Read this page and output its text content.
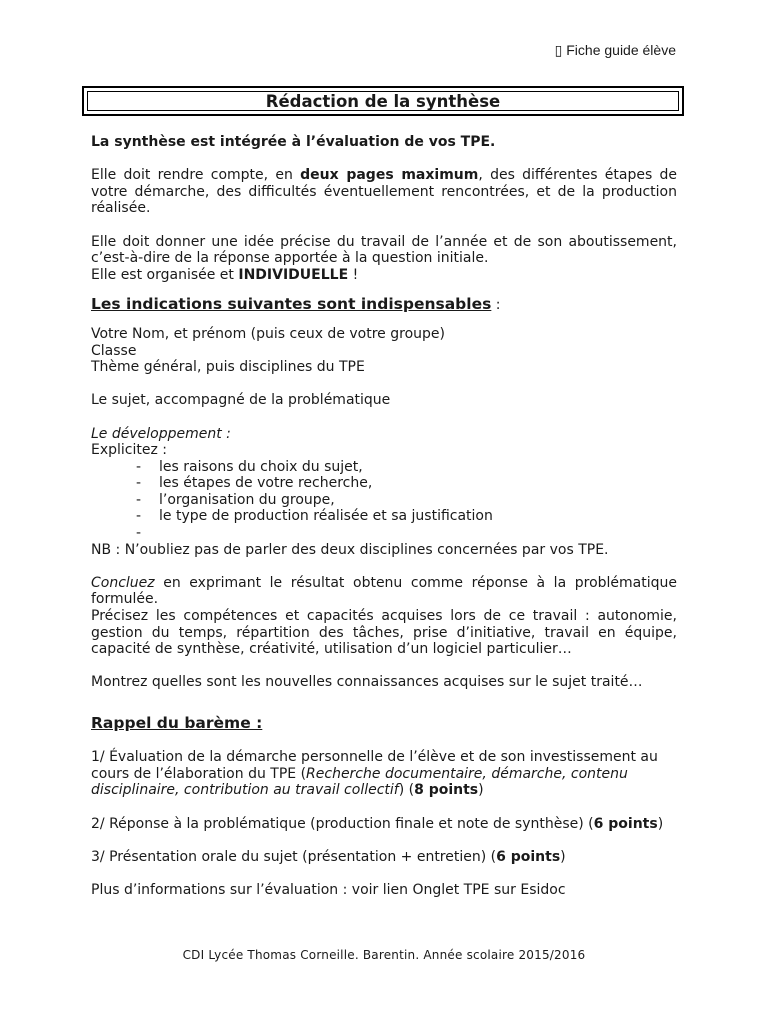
▯ Fiche guide élève
Rédaction de la synthèse

La synthèse est intégrée à l’évaluation de vos TPE.

Elle doit rendre compte, en deux pages maximum, des différentes étapes de votre démarche, des difficultés éventuellement rencontrées, et de la production réalisée.

Elle doit donner une idée précise du travail de l’année et de son aboutissement, c’est-à-dire de la réponse apportée à la question initiale.

Elle est organisée et INDIVIDUELLE !

Les indications suivantes sont indispensables :

Votre Nom, et prénom (puis ceux de votre groupe)

Classe

Thème général, puis disciplines du TPE

Le sujet, accompagné de la problématique

Le développement :

Explicitez :

- les raisons du choix du sujet,
- les étapes de votre recherche,
- l’organisation du groupe,
- le type de production réalisée et sa justification
-

NB : N’oubliez pas de parler des deux disciplines concernées par vos TPE.

Concluez en exprimant le résultat obtenu comme réponse à la problématique formulée.

Précisez les compétences et capacités acquises lors de ce travail : autonomie, gestion du temps, répartition des tâches, prise d’initiative, travail en équipe, capacité de synthèse, créativité, utilisation d’un logiciel particulier…

Montrez quelles sont les nouvelles connaissances acquises sur le sujet traité…

Rappel du barème :

1/ Évaluation de la démarche personnelle de l’élève et de son investissement au cours de l’élaboration du TPE (Recherche documentaire, démarche, contenu disciplinaire, contribution au travail collectif) (8 points)

2/ Réponse à la problématique (production finale et note de synthèse) (6 points)

3/ Présentation orale du sujet (présentation + entretien) (6 points)

Plus d’informations sur l’évaluation : voir lien Onglet TPE sur Esidoc

CDI Lycée Thomas Corneille. Barentin. Année scolaire 2015/2016
